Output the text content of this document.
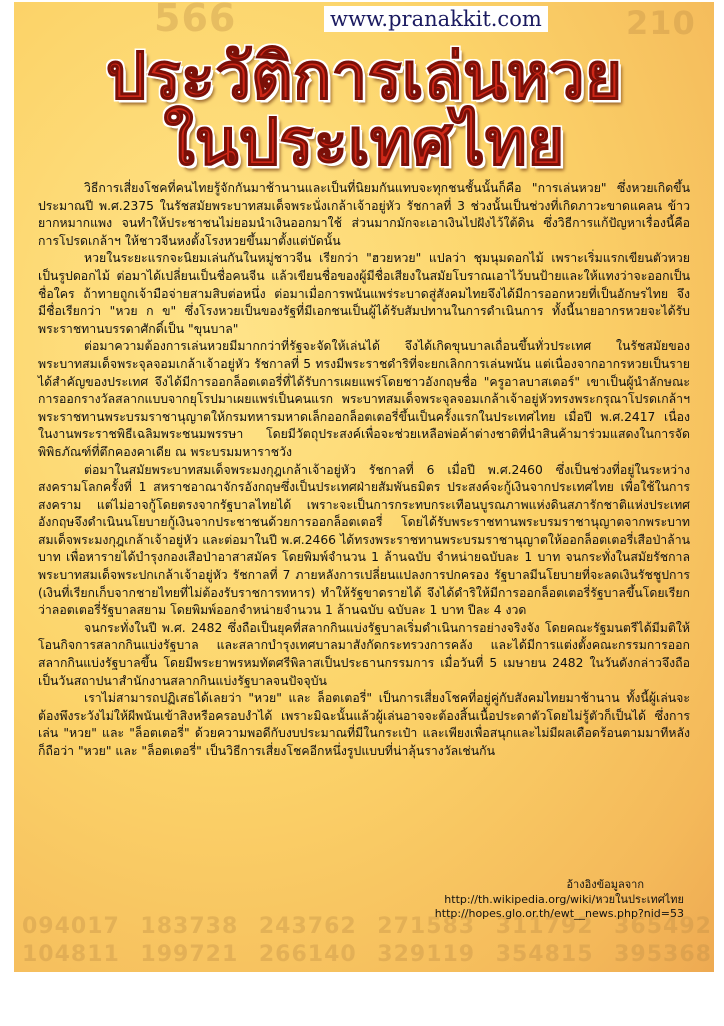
566	210
094017 183738 243762 271583 311792 365492
104811 199721 266140 329119 354815 395368
www.pranakkit.com
ประวัติการเล่นหวย
ในประเทศไทย

วิธีการเสี่ยงโชคที่คนไทยรู้จักกันมาช้านานและเป็นที่นิยมกันแทบจะทุกชนชั้นนั้นก็คือ "การเล่นหวย" ซึ่งหวยเกิดขึ้นประมาณปี พ.ศ.2375 ในรัชสมัยพระบาทสมเด็จพระนั่งเกล้าเจ้าอยู่หัว รัชกาลที่ 3 ช่วงนั้นเป็นช่วงที่เกิดภาวะขาดแคลน ข้าวยากหมากแพง จนทำให้ประชาชนไม่ยอมนำเงินออกมาใช้ ส่วนมากมักจะเอาเงินไปฝังไว้ใต้ดิน ซึ่งวิธีการแก้ปัญหาเรื่องนี้คือการโปรดเกล้าฯ ให้ชาวจีนหงตั้งโรงหวยขึ้นมาตั้งแต่บัดนั้น

หวยในระยะแรกจะนิยมเล่นกันในหมู่ชาวจีน เรียกว่า "ฮวยหวย" แปลว่า ชุมนุมดอกไม้ เพราะเริ่มแรกเขียนตัวหวยเป็นรูปดอกไม้ ต่อมาได้เปลี่ยนเป็นชื่อคนจีน แล้วเขียนชื่อของผู้มีชื่อเสียงในสมัยโบราณเอาไว้บนป้ายและให้แทงว่าจะออกเป็นชื่อใคร ถ้าทายถูกเจ้ามือจ่ายสามสิบต่อหนึ่ง ต่อมาเมื่อการพนันแพร่ระบาดสู่สังคมไทยจึงได้มีการออกหวยที่เป็นอักษรไทย จึงมีชื่อเรียกว่า "หวย ก ข" ซึ่งโรงหวยเป็นของรัฐที่มีเอกชนเป็นผู้ได้รับสัมปทานในการดำเนินการ ทั้งนี้นายอากรหวยจะได้รับพระราชทานบรรดาศักดิ์เป็น "ขุนบาล"

ต่อมาความต้องการเล่นหวยมีมากกว่าที่รัฐจะจัดให้เล่นได้ จึงได้เกิดขุนบาลเถื่อนขึ้นทั่วประเทศ ในรัชสมัยของพระบาทสมเด็จพระจุลจอมเกล้าเจ้าอยู่หัว รัชกาลที่ 5 ทรงมีพระราชดำริที่จะยกเลิกการเล่นพนัน แต่เนื่องจากอากรหวยเป็นรายได้สำคัญของประเทศ จึงได้มีการออกล็อตเตอรี่ที่ได้รับการเผยแพร่โดยชาวอังกฤษชื่อ "ครูอาลบาสเตอร์" เขาเป็นผู้นำลักษณะการออกรางวัลสลากแบบจากยุโรปมาเผยแพร่เป็นคนแรก พระบาทสมเด็จพระจุลจอมเกล้าเจ้าอยู่หัวทรงพระกรุณาโปรดเกล้าฯ พระราชทานพระบรมราชานุญาตให้กรมทหารมหาดเล็กออกล็อตเตอรี่ขึ้นเป็นครั้งแรกในประเทศไทย เมื่อปี พ.ศ.2417 เนื่องในงานพระราชพิธีเฉลิมพระชนมพรรษา โดยมีวัตถุประสงค์เพื่อจะช่วยเหลือพ่อค้าต่างชาติที่นำสินค้ามาร่วมแสดงในการจัดพิพิธภัณฑ์ที่ตึกคองคาเดีย ณ พระบรมมหาราชวัง

ต่อมาในสมัยพระบาทสมเด็จพระมงกุฎเกล้าเจ้าอยู่หัว รัชกาลที่ 6 เมื่อปี พ.ศ.2460 ซึ่งเป็นช่วงที่อยู่ในระหว่างสงครามโลกครั้งที่ 1 สหราชอาณาจักรอังกฤษซึ่งเป็นประเทศฝ่ายสัมพันธมิตร ประสงค์จะกู้เงินจากประเทศไทย เพื่อใช้ในการสงคราม แต่ไม่อาจกู้โดยตรงจากรัฐบาลไทยได้ เพราะจะเป็นการกระทบกระเทือนบูรณภาพแห่งดินสภารักชาติแห่งประเทศอังกฤษจึงดำเนินนโยบายกู้เงินจากประชาชนด้วยการออกล็อตเตอรี่ โดยได้รับพระราชทานพระบรมราชานุญาตจากพระบาทสมเด็จพระมงกุฎเกล้าเจ้าอยู่หัว และต่อมาในปี พ.ศ.2466 ได้ทรงพระราชทานพระบรมราชานุญาตให้ออกล็อตเตอรี่เสือป่าล้านบาท เพื่อหารายได้บำรุงกองเสือป่าอาสาสมัคร โดยพิมพ์จำนวน 1 ล้านฉบับ จำหน่ายฉบับละ 1 บาท จนกระทั่งในสมัยรัชกาลพระบาทสมเด็จพระปกเกล้าเจ้าอยู่หัว รัชกาลที่ 7 ภายหลังการเปลี่ยนแปลงการปกครอง รัฐบาลมีนโยบายที่จะลดเงินรัชชูปการ (เงินที่เรียกเก็บจากชายไทยที่ไม่ต้องรับราชการทหาร) ทำให้รัฐขาดรายได้ จึงได้ดำริให้มีการออกล็อตเตอรี่รัฐบาลขึ้นโดยเรียกว่าลอตเตอรี่รัฐบาลสยาม โดยพิมพ์ออกจำหน่ายจำนวน 1 ล้านฉบับ ฉบับละ 1 บาท ปีละ 4 งวด

จนกระทั่งในปี พ.ศ. 2482 ซึ่งถือเป็นยุคที่สลากกินแบ่งรัฐบาลเริ่มดำเนินการอย่างจริงจัง โดยคณะรัฐมนตรีได้มีมติให้โอนกิจการสลากกินแบ่งรัฐบาล และสลากบำรุงเทศบาลมาสังกัดกระทรวงการคลัง และได้มีการแต่งตั้งคณะกรรมการออกสลากกินแบ่งรัฐบาลขึ้น โดยมีพระยาพรหมทัตศรีพิลาสเป็นประธานกรรมการ เมื่อวันที่ 5 เมษายน 2482 ในวันดังกล่าวจึงถือเป็นวันสถาปนาสำนักงานสลากกินแบ่งรัฐบาลจนปัจจุบัน

เราไม่สามารถปฏิเสธได้เลยว่า "หวย" และ ล็อตเตอรี่" เป็นการเสี่ยงโชคที่อยู่คู่กับสังคมไทยมาช้านาน ทั้งนี้ผู้เล่นจะต้องพึงระวังไม่ให้ผีพนันเข้าสิงหรือครอบงำได้ เพราะมิฉะนั้นแล้วผู้เล่นอาจจะต้องสิ้นเนื้อประดาตัวโดยไม่รู้ตัวก็เป็นได้ ซึ่งการเล่น "หวย" และ "ล็อตเตอรี่" ด้วยความพอดีกับงบประมาณที่มีในกระเป๋า และเพียงเพื่อสนุกและไม่มีผลเดือดร้อนตามมาทีหลัง ก็ถือว่า "หวย" และ "ล็อตเตอรี่" เป็นวิธีการเสี่ยงโชคอีกหนึ่งรูปแบบที่น่าลุ้นรางวัลเช่นกัน

อ้างอิงข้อมูลจาก
http://th.wikipedia.org/wiki/หวยในประเทศไทย
http://hopes.glo.or.th/ewt__news.php?nid=53
